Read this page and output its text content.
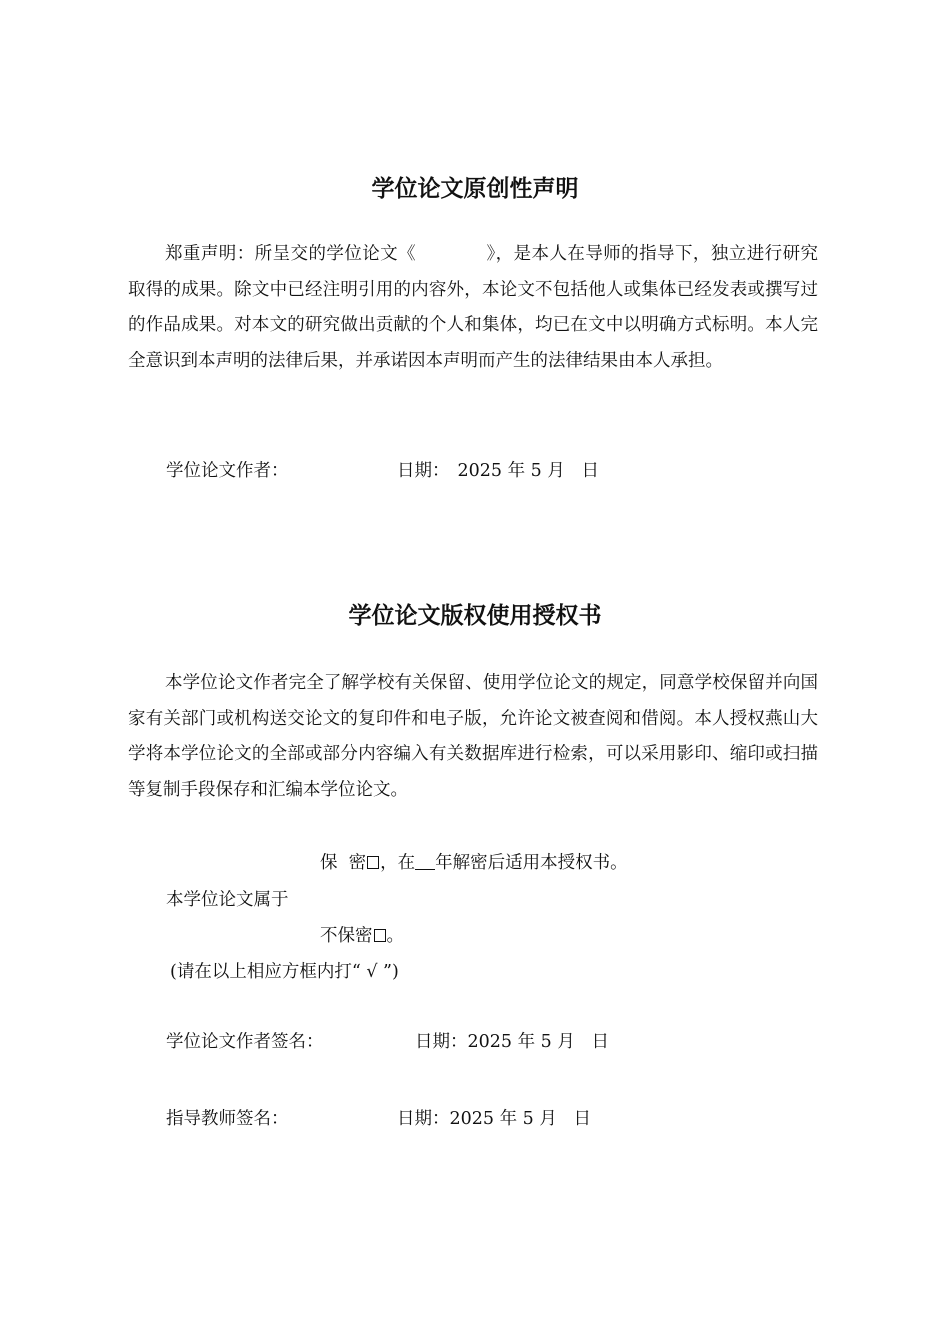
学位论文原创性声明

郑重声明：所呈交的学位论文《	》，是本人在导师的指导下，独立进行研究取得的成果。除文中已经注明引用的内容外，本论文不包括他人或集体已经发表或撰写过的作品成果。对本文的研究做出贡献的个人和集体，均已在文中以明确方式标明。本人完全意识到本声明的法律后果，并承诺因本声明而产生的法律结果由本人承担。

学位论文作者：	日期： 2025 年 5 月   日
学位论文版权使用授权书

本学位论文作者完全了解学校有关保留、使用学位论文的规定，同意学校保留并向国家有关部门或机构送交论文的复印件和电子版，允许论文被查阅和借阅。本人授权燕山大学将本学位论文的全部或部分内容编入有关数据库进行检索，可以采用影印、缩印或扫描等复制手段保存和汇编本学位论文。

保  密 ，在 年解密后适用本授权书。
本学位论文属于
不保密 。
(请在以上相应方框内打“ √ ”)
学位论文作者签名：	日期：2025 年 5 月   日
指导教师签名：	日期：2025 年 5 月   日
